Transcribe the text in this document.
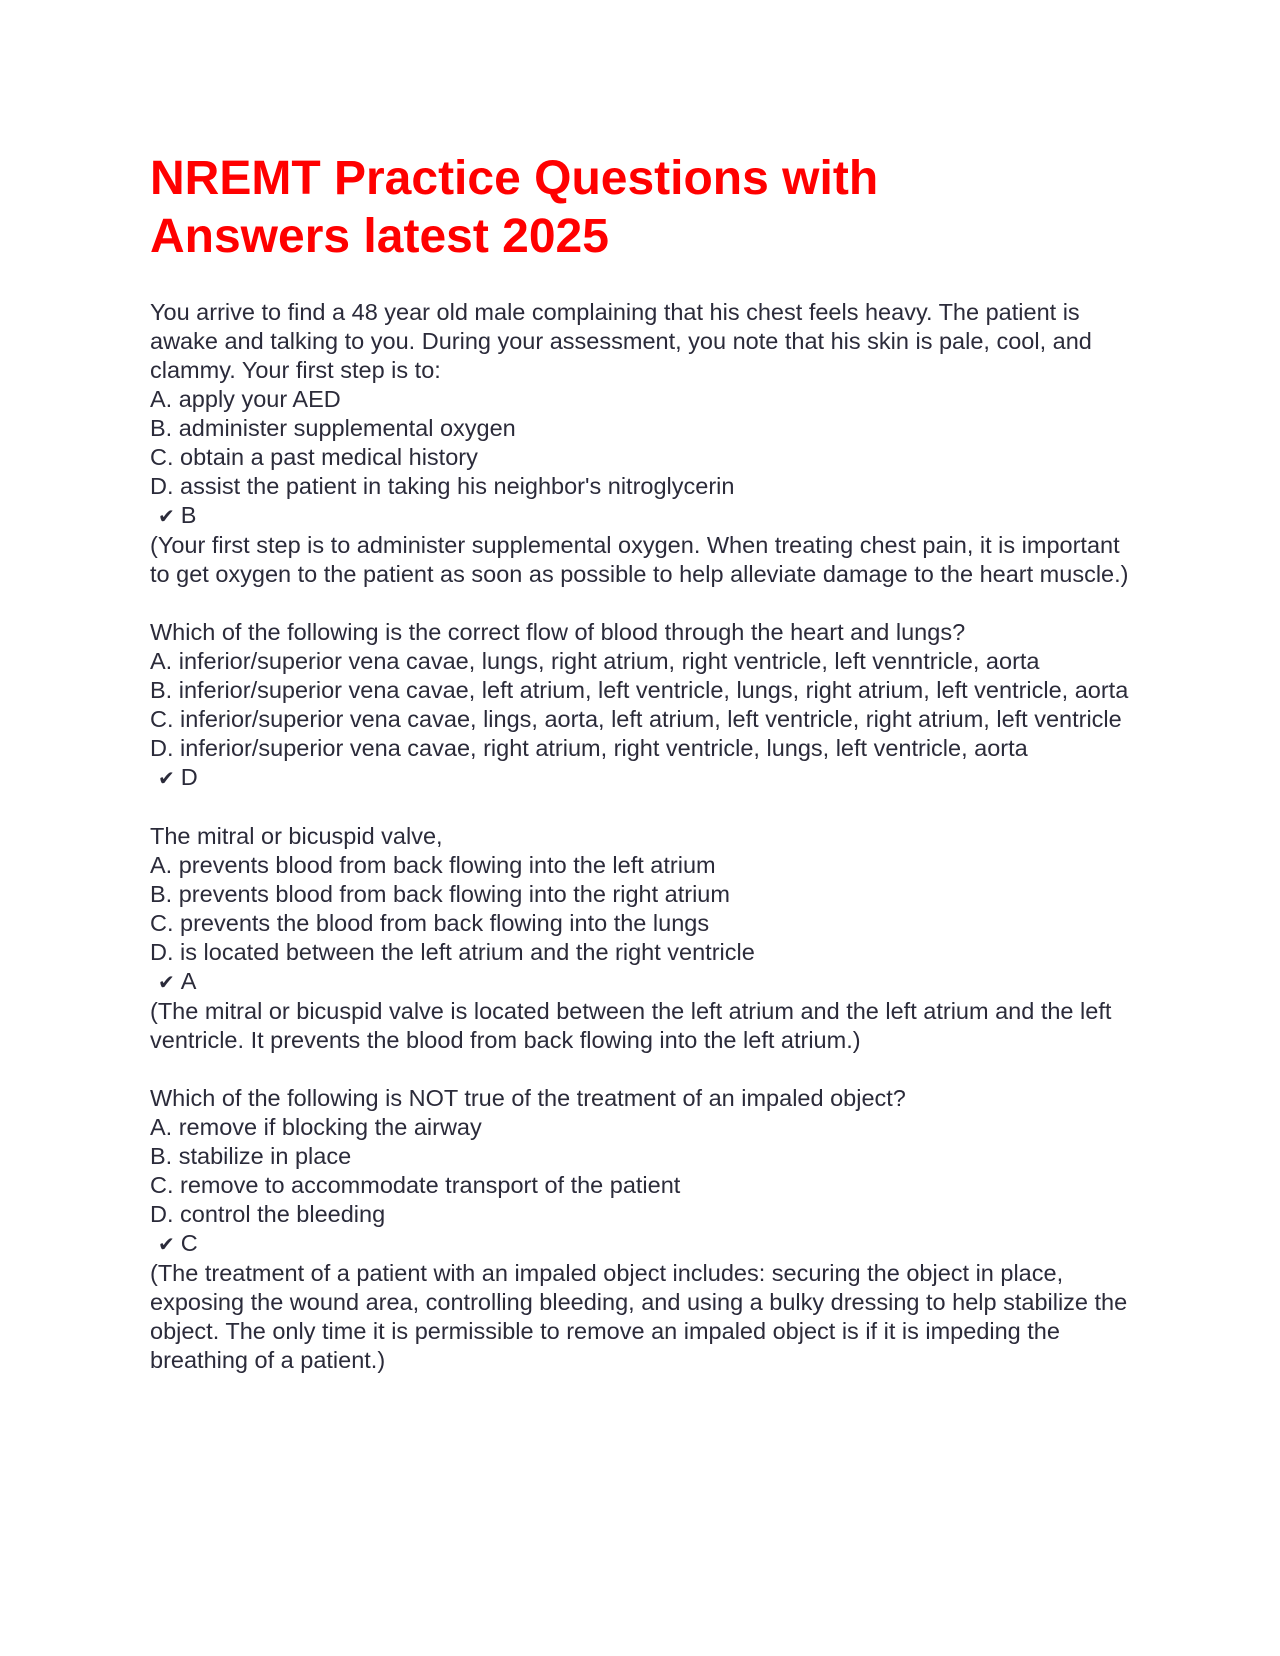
NREMT Practice Questions with
Answers latest 2025
You arrive to find a 48 year old male complaining that his chest feels heavy. The patient is awake and talking to you. During your assessment, you note that his skin is pale, cool, and clammy. Your first step is to:
A. apply your AED
B. administer supplemental oxygen
C. obtain a past medical history
D. assist the patient in taking his neighbor's nitroglycerin
✔ B
(Your first step is to administer supplemental oxygen. When treating chest pain, it is important to get oxygen to the patient as soon as possible to help alleviate damage to the heart muscle.)
Which of the following is the correct flow of blood through the heart and lungs?
A. inferior/superior vena cavae, lungs, right atrium, right ventricle, left venntricle, aorta
B. inferior/superior vena cavae, left atrium, left ventricle, lungs, right atrium, left ventricle, aorta
C. inferior/superior vena cavae, lings, aorta, left atrium, left ventricle, right atrium, left ventricle
D. inferior/superior vena cavae, right atrium, right ventricle, lungs, left ventricle, aorta
✔ D
The mitral or bicuspid valve,
A. prevents blood from back flowing into the left atrium
B. prevents blood from back flowing into the right atrium
C. prevents the blood from back flowing into the lungs
D. is located between the left atrium and the right ventricle
✔ A
(The mitral or bicuspid valve is located between the left atrium and the left atrium and the left ventricle. It prevents the blood from back flowing into the left atrium.)
Which of the following is NOT true of the treatment of an impaled object?
A. remove if blocking the airway
B. stabilize in place
C. remove to accommodate transport of the patient
D. control the bleeding
✔ C
(The treatment of a patient with an impaled object includes: securing the object in place, exposing the wound area, controlling bleeding, and using a bulky dressing to help stabilize the object. The only time it is permissible to remove an impaled object is if it is impeding the breathing of a patient.)
